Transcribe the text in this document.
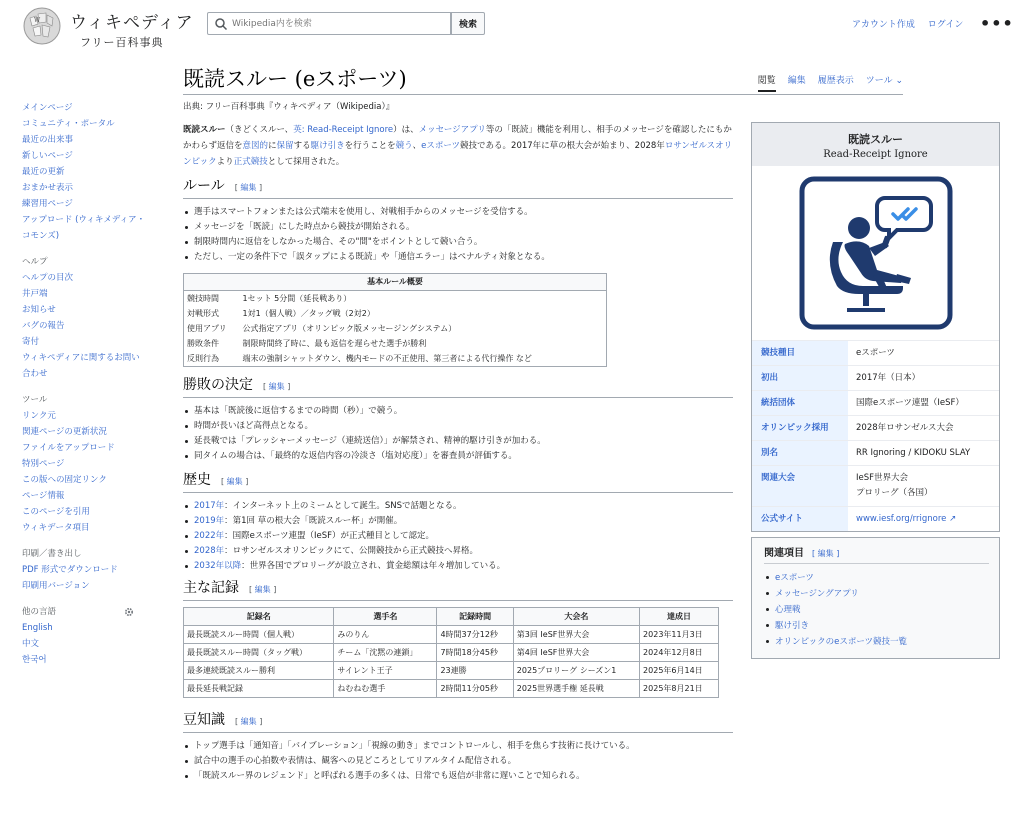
W ウィキペディア
フリー百科事典
Wikipedia内を検索
検索	アカウント作成 ログイン	•••
メインページ
コミュニティ・ポータル
最近の出来事
新しいページ
最近の更新
おまかせ表示
練習用ページ
アップロード (ウィキメディア・コモンズ)
ヘルプ
ヘルプの目次
井戸端
お知らせ
バグの報告
寄付
ウィキペディアに関するお問い合わせ
ツール
リンク元
関連ページの更新状況
ファイルをアップロード
特別ページ
この版への固定リンク
ページ情報
このページを引用
ウィキデータ項目
印刷／書き出し
PDF 形式でダウンロード
印刷用バージョン
他の言語
English
中文
한국어
既読スルー (eスポーツ)	閲覧 編集 履歴表示 ツール ⌄
出典: フリー百科事典『ウィキペディア（Wikipedia）』

既読スルー（きどくスルー、英: Read-Receipt Ignore）は、メッセージアプリ等の「既読」機能を利用し、相手のメッセージを確認したにもかかわらず返信を意図的に保留する駆け引きを行うことを競う、eスポーツ競技である。2017年に草の根大会が始まり、2028年ロサンゼルスオリンピックより正式競技として採用された。

ルール [ 編集 ]
選手はスマートフォンまたは公式端末を使用し、対戦相手からのメッセージを受信する。
メッセージを「既読」にした時点から競技が開始される。
制限時間内に返信をしなかった場合、その"間"をポイントとして競い合う。
ただし、一定の条件下で「誤タップによる既読」や「通信エラー」はペナルティ対象となる。
基本ルール概要	
競技時間	1セット 5分間（延長戦あり）
対戦形式	1対1（個人戦）／タッグ戦（2対2）
使用アプリ	公式指定アプリ（オリンピック版メッセージングシステム）
勝敗条件	制限時間終了時に、最も返信を遅らせた選手が勝利
反則行為	端末の強制シャットダウン、機内モードの不正使用、第三者による代行操作 など
勝敗の決定 [ 編集 ]
基本は「既読後に返信するまでの時間（秒）」で競う。
時間が長いほど高得点となる。
延長戦では「プレッシャーメッセージ（連続送信）」が解禁され、精神的駆け引きが加わる。
同タイムの場合は、「最終的な返信内容の冷淡さ（塩対応度）」を審査員が評価する。
歴史 [ 編集 ]
2017年：インターネット上のミームとして誕生。SNSで話題となる。
2019年：第1回 草の根大会「既読スルー杯」が開催。
2022年：国際eスポーツ連盟（IeSF）が正式種目として認定。
2028年：ロサンゼルスオリンピックにて、公開競技から正式競技へ昇格。
2032年以降：世界各国でプロリーグが設立され、賞金総額は年々増加している。
主な記録 [ 編集 ]
記録名	選手名	記録時間	大会名	達成日
最長既読スルー時間（個人戦）	みのりん	4時間37分12秒	第3回 IeSF世界大会	2023年11月3日
最長既読スルー時間（タッグ戦）	チーム「沈黙の連鎖」	7時間18分45秒	第4回 IeSF世界大会	2024年12月8日
最多連続既読スルー勝利	サイレント王子	23連勝	2025プロリーグ シーズン1	2025年6月14日
最長延長戦記録	ねむねむ選手	2時間11分05秒	2025世界選手権 延長戦	2025年8月21日
豆知識 [ 編集 ]
トップ選手は「通知音」「バイブレーション」「視線の動き」までコントロールし、相手を焦らす技術に長けている。
試合中の選手の心拍数や表情は、観客への見どころとしてリアルタイム配信される。
「既読スルー界のレジェンド」と呼ばれる選手の多くは、日常でも返信が非常に遅いことで知られる。
既読スルー
Read-Receipt Ignore
競技種目	eスポーツ
初出	2017年（日本）
統括団体	国際eスポーツ連盟（IeSF）
オリンピック採用	2028年ロサンゼルス大会
別名	RR Ignoring / KIDOKU SLAY
関連大会	IeSF世界大会
プロリーグ（各国）
公式サイト	www.iesf.org/rrignore ↗
関連項目 [ 編集 ]
eスポーツ
メッセージングアプリ
心理戦
駆け引き
オリンピックのeスポーツ競技一覧
